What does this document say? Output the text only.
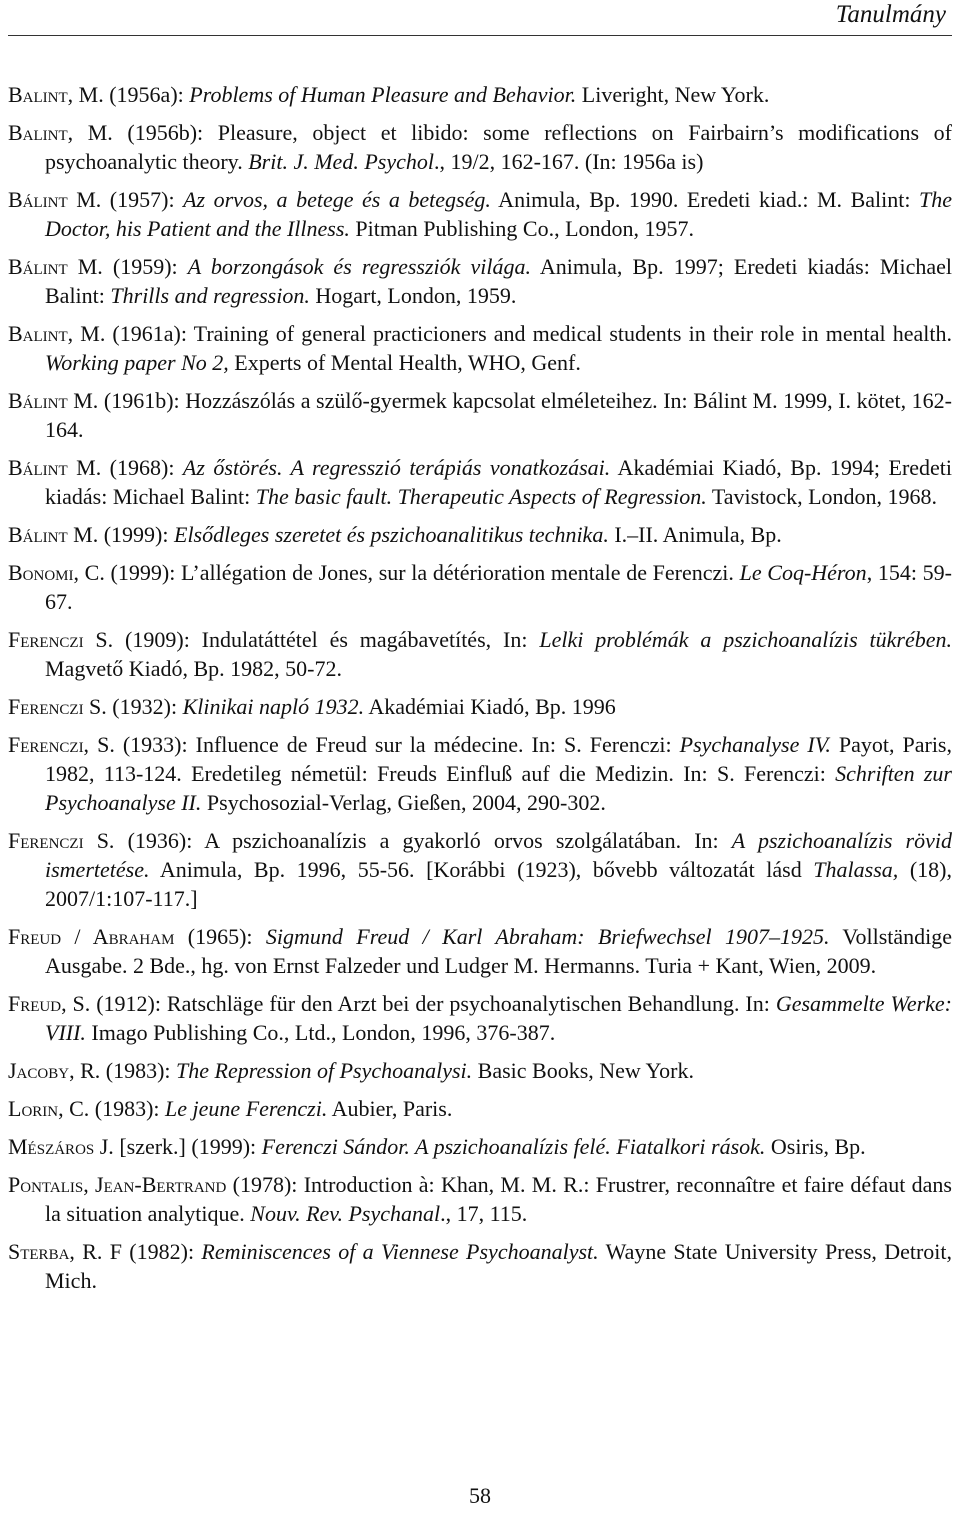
Tanulmány

Balint, M. (1956a): Problems of Human Pleasure and Behavior. Liveright, New York.

Balint, M. (1956b): Pleasure, object et libido: some reflections on Fairbairn’s modifications of psychoanalytic theory. Brit. J. Med. Psychol., 19/2, 162-167. (In: 1956a is)

Bálint M. (1957): Az orvos, a betege és a betegség. Animula, Bp. 1990. Eredeti kiad.: M. Balint: The Doctor, his Patient and the Illness. Pitman Publishing Co., London, 1957.

Bálint M. (1959): A borzongások és regressziók világa. Animula, Bp. 1997; Eredeti kiadás: Michael Balint: Thrills and regression. Hogart, London, 1959.

Balint, M. (1961a): Training of general practicioners and medical students in their role in mental health. Working paper No 2, Experts of Mental Health, WHO, Genf.

Bálint M. (1961b): Hozzászólás a szülő-gyermek kapcsolat elméleteihez. In: Bálint M. 1999, I. kötet, 162-164.

Bálint M. (1968): Az őstörés. A regresszió terápiás vonatkozásai. Akadémiai Kiadó, Bp. 1994; Eredeti kiadás: Michael Balint: The basic fault. Therapeutic Aspects of Regression. Tavistock, London, 1968.

Bálint M. (1999): Elsődleges szeretet és pszichoanalitikus technika. I.–II. Animula, Bp.

Bonomi, C. (1999): L’allégation de Jones, sur la détérioration mentale de Ferenczi. Le Coq-Héron, 154: 59-67.

Ferenczi S. (1909): Indulatáttétel és magábavetítés, In: Lelki problémák a pszichoanalízis tükrében. Magvető Kiadó, Bp. 1982, 50-72.

Ferenczi S. (1932): Klinikai napló 1932. Akadémiai Kiadó, Bp. 1996

Ferenczi, S. (1933): Influence de Freud sur la médecine. In: S. Ferenczi: Psychanalyse IV. Payot, Paris, 1982, 113-124. Eredetileg németül: Freuds Einfluß auf die Medizin. In: S. Ferenczi: Schriften zur Psychoanalyse II. Psychosozial-Verlag, Gießen, 2004, 290-302.

Ferenczi S. (1936): A pszichoanalízis a gyakorló orvos szolgálatában. In: A pszichoanalízis rövid ismertetése. Animula, Bp. 1996, 55-56. [Korábbi (1923), bővebb változatát lásd Thalassa, (18), 2007/1:107-117.]

Freud / Abraham (1965): Sigmund Freud / Karl Abraham: Briefwechsel 1907–1925. Vollständige Ausgabe. 2 Bde., hg. von Ernst Falzeder und Ludger M. Hermanns. Turia + Kant, Wien, 2009.

Freud, S. (1912): Ratschläge für den Arzt bei der psychoanalytischen Behandlung. In: Gesammelte Werke: VIII. Imago Publishing Co., Ltd., London, 1996, 376-387.

Jacoby, R. (1983): The Repression of Psychoanalysi. Basic Books, New York.

Lorin, C. (1983): Le jeune Ferenczi. Aubier, Paris.

Mészáros J. [szerk.] (1999): Ferenczi Sándor. A pszichoanalízis felé. Fiatalkori rások. Osiris, Bp.

Pontalis, Jean-Bertrand (1978): Introduction à: Khan, M. M. R.: Frustrer, reconnaître et faire défaut dans la situation analytique. Nouv. Rev. Psychanal., 17, 115.

Sterba, R. F (1982): Reminiscences of a Viennese Psychoanalyst. Wayne State University Press, Detroit, Mich.

58
